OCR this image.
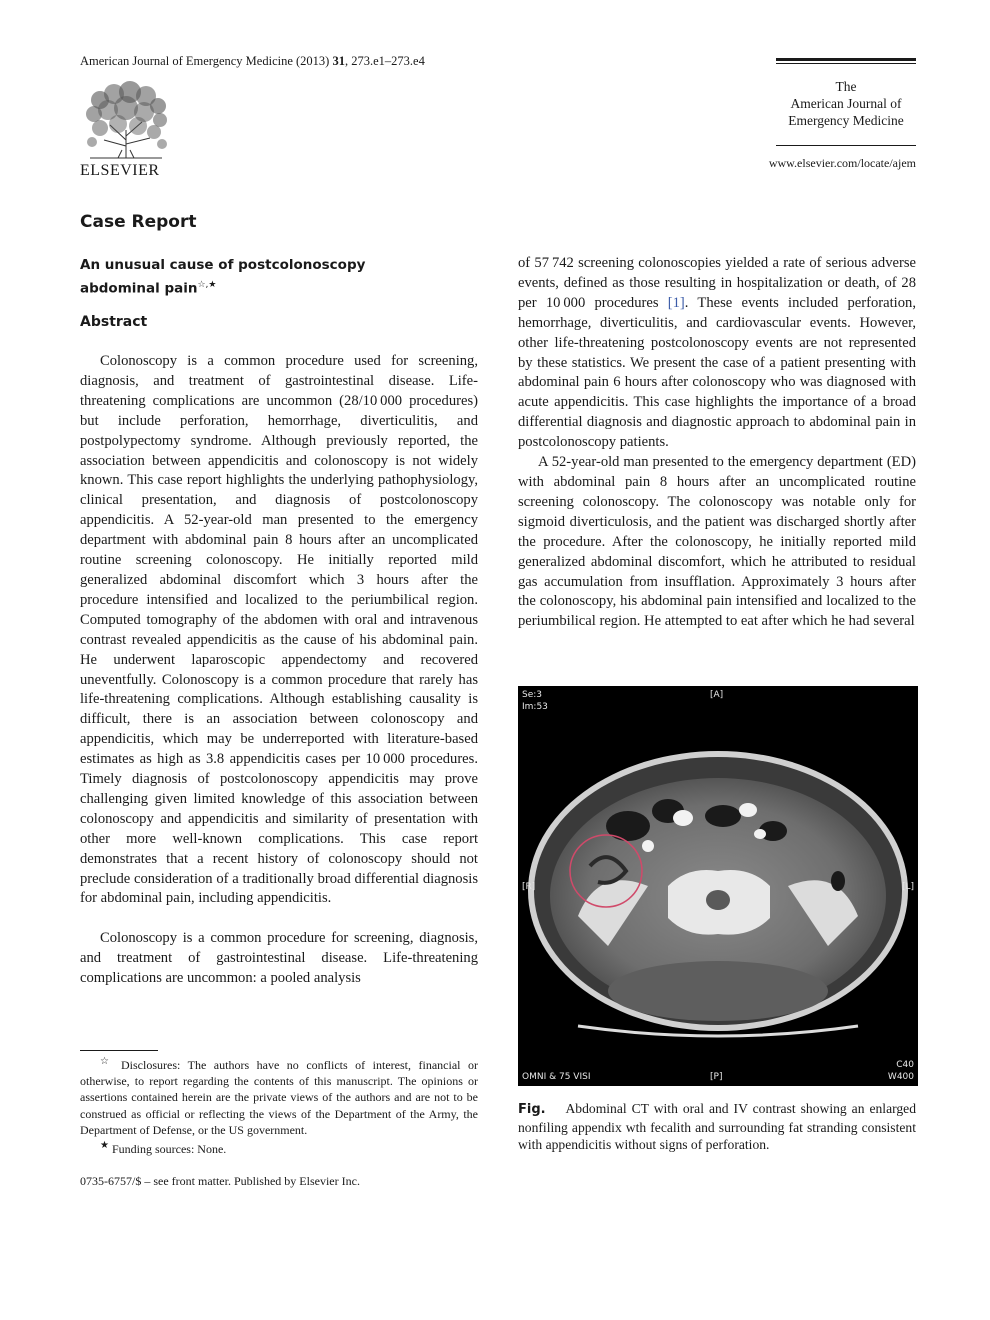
American Journal of Emergency Medicine (2013) 31, 273.e1–273.e4
ELSEVIER
The
American Journal of
Emergency Medicine
www.elsevier.com/locate/ajem
Case Report
An unusual cause of postcolonoscopy
abdominal pain☆,★
Abstract

Colonoscopy is a common procedure used for screening, diagnosis, and treatment of gastrointestinal disease. Life-threatening complications are uncommon (28/10 000 procedures) but include perforation, hemorrhage, diverticulitis, and postpolypectomy syndrome. Although previously reported, the association between appendicitis and colonoscopy is not widely known. This case report highlights the underlying pathophysiology, clinical presentation, and diagnosis of postcolonoscopy appendicitis. A 52-year-old man presented to the emergency department with abdominal pain 8 hours after an uncomplicated routine screening colonoscopy. He initially reported mild generalized abdominal discomfort which 3 hours after the procedure intensified and localized to the periumbilical region. Computed tomography of the abdomen with oral and intravenous contrast revealed appendicitis as the cause of his abdominal pain. He underwent laparoscopic appendectomy and recovered uneventfully. Colonoscopy is a common procedure that rarely has life-threatening complications. Although establishing causality is difficult, there is an association between colonoscopy and appendicitis, which may be underreported with literature-based estimates as high as 3.8 appendicitis cases per 10 000 procedures. Timely diagnosis of postcolonoscopy appendicitis may prove challenging given limited knowledge of this association between colonoscopy and appendicitis and similarity of presentation with other more well-known complications. This case report demonstrates that a recent history of colonoscopy should not preclude consideration of a traditionally broad differential diagnosis for abdominal pain, including appendicitis.

Colonoscopy is a common procedure for screening, diagnosis, and treatment of gastrointestinal disease. Life-threatening complications are uncommon: a pooled analysis

☆ Disclosures: The authors have no conflicts of interest, financial or otherwise, to report regarding the contents of this manuscript. The opinions or assertions contained herein are the private views of the authors and are not to be construed as official or reflecting the views of the Department of the Army, the Department of Defense, or the US government.

★ Funding sources: None.

0735-6757/$ – see front matter. Published by Elsevier Inc.

of 57 742 screening colonoscopies yielded a rate of serious adverse events, defined as those resulting in hospitalization or death, of 28 per 10 000 procedures [1]. These events included perforation, hemorrhage, diverticulitis, and cardiovascular events. However, other life-threatening postcolonoscopy events are not represented by these statistics. We present the case of a patient presenting with abdominal pain 6 hours after colonoscopy who was diagnosed with acute appendicitis. This case highlights the importance of a broad differential diagnosis and diagnostic approach to abdominal pain in postcolonoscopy patients.

A 52-year-old man presented to the emergency department (ED) with abdominal pain 8 hours after an uncomplicated routine screening colonoscopy. The colonoscopy was notable only for sigmoid diverticulosis, and the patient was discharged shortly after the procedure. After the colonoscopy, he initially reported mild generalized abdominal discomfort, which he attributed to residual gas accumulation from insufflation. Approximately 3 hours after the colonoscopy, his abdominal pain intensified and localized to the periumbilical region. He attempted to eat after which he had several

Se:3
Im:53
[A]
[R]	[L]
[P]
OMNI & 75 VISI
C40
W400
Fig. Abdominal CT with oral and IV contrast showing an enlarged nonfiling appendix wth fecalith and surrounding fat stranding consistent with appendicitis without signs of perforation.
